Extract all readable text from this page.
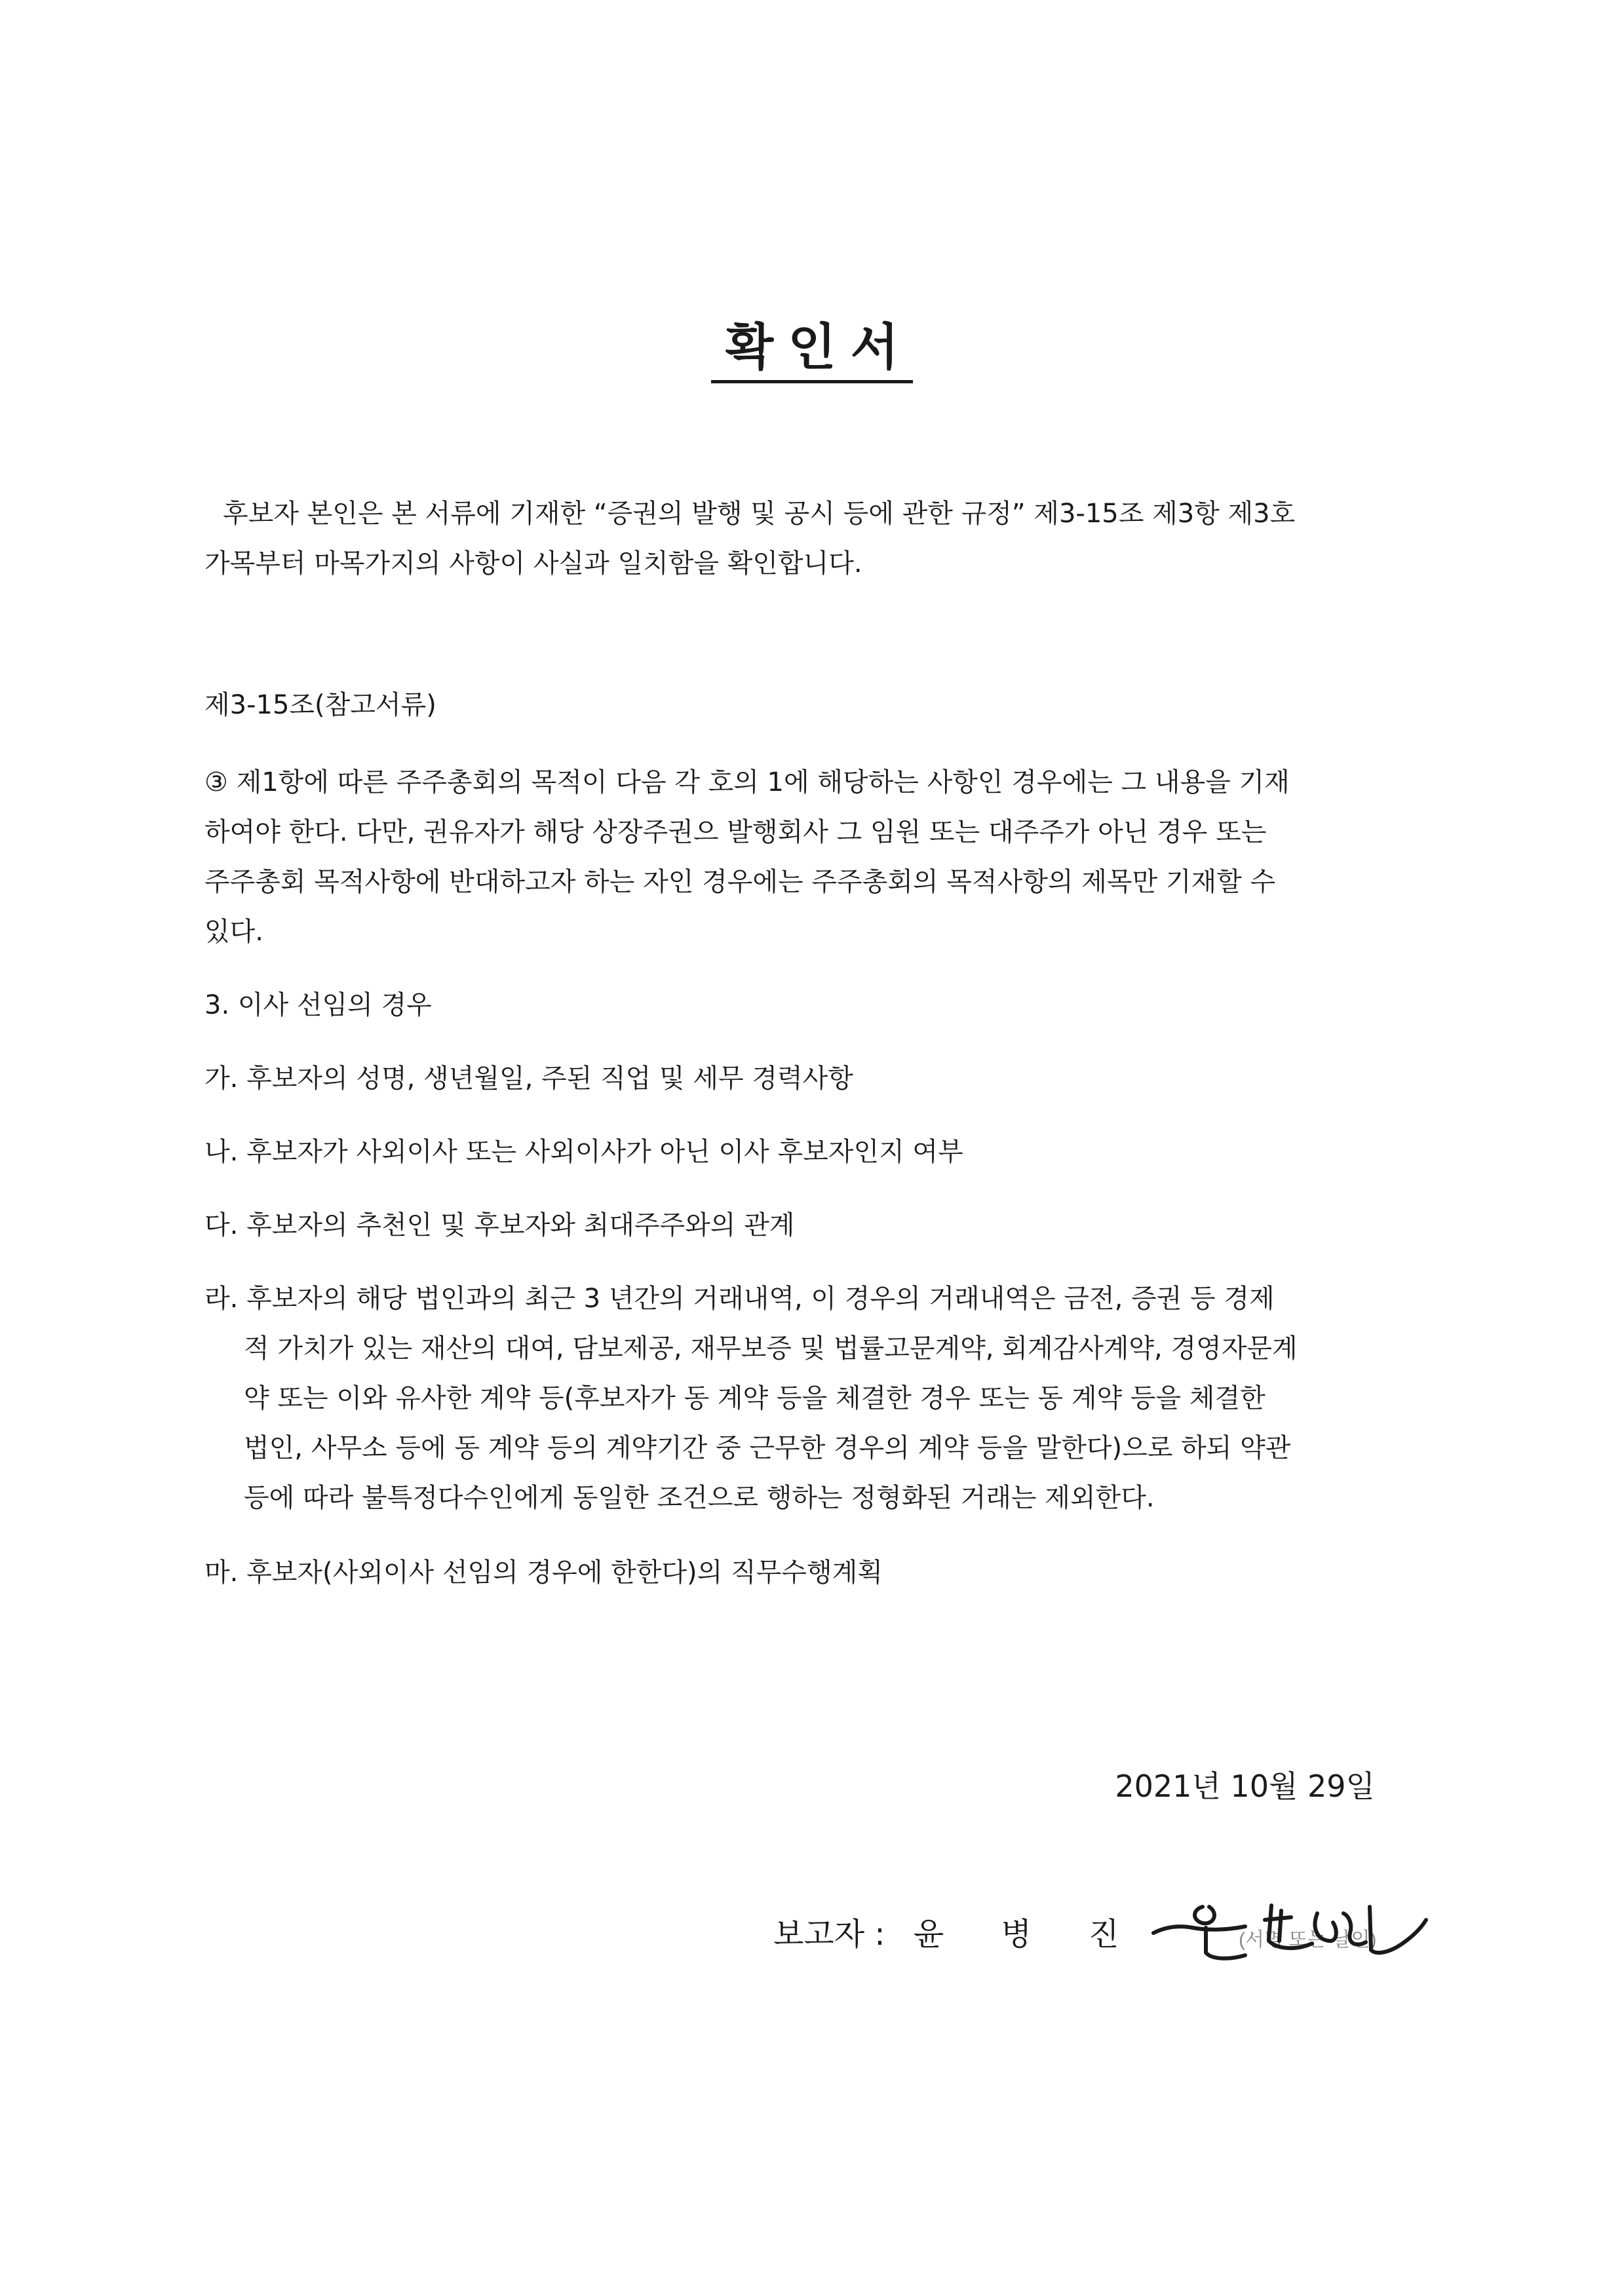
확인서
후보자 본인은 본 서류에 기재한 “증권의 발행 및 공시 등에 관한 규정” 제3-15조 제3항 제3호
가목부터 마목가지의 사항이 사실과 일치함을 확인합니다.
제3-15조(참고서류)
③ 제1항에 따른 주주총회의 목적이 다음 각 호의 1에 해당하는 사항인 경우에는 그 내용을 기재
하여야 한다. 다만, 권유자가 해당 상장주권으 발행회사 그 임원 또는 대주주가 아닌 경우 또는
주주총회 목적사항에 반대하고자 하는 자인 경우에는 주주총회의 목적사항의 제목만 기재할 수
있다.
3. 이사 선임의 경우
가. 후보자의 성명, 생년월일, 주된 직업 및 세무 경력사항
나. 후보자가 사외이사 또는 사외이사가 아닌 이사 후보자인지 여부
다. 후보자의 추천인 및 후보자와 최대주주와의 관계
라. 후보자의 해당 법인과의 최근 3 년간의 거래내역, 이 경우의 거래내역은 금전, 증권 등 경제
적 가치가 있는 재산의 대여, 담보제공, 재무보증 및 법률고문계약, 회계감사계약, 경영자문계
약 또는 이와 유사한 계약 등(후보자가 동 계약 등을 체결한 경우 또는 동 계약 등을 체결한
법인, 사무소 등에 동 계약 등의 계약기간 중 근무한 경우의 계약 등을 말한다)으로 하되 약관
등에 따라 불특정다수인에게 동일한 조건으로 행하는 정형화된 거래는 제외한다.
마. 후보자(사외이사 선임의 경우에 한한다)의 직무수행계획
2021년 10월 29일
보고자 : 윤 병 진	(서명 또는 날인)
